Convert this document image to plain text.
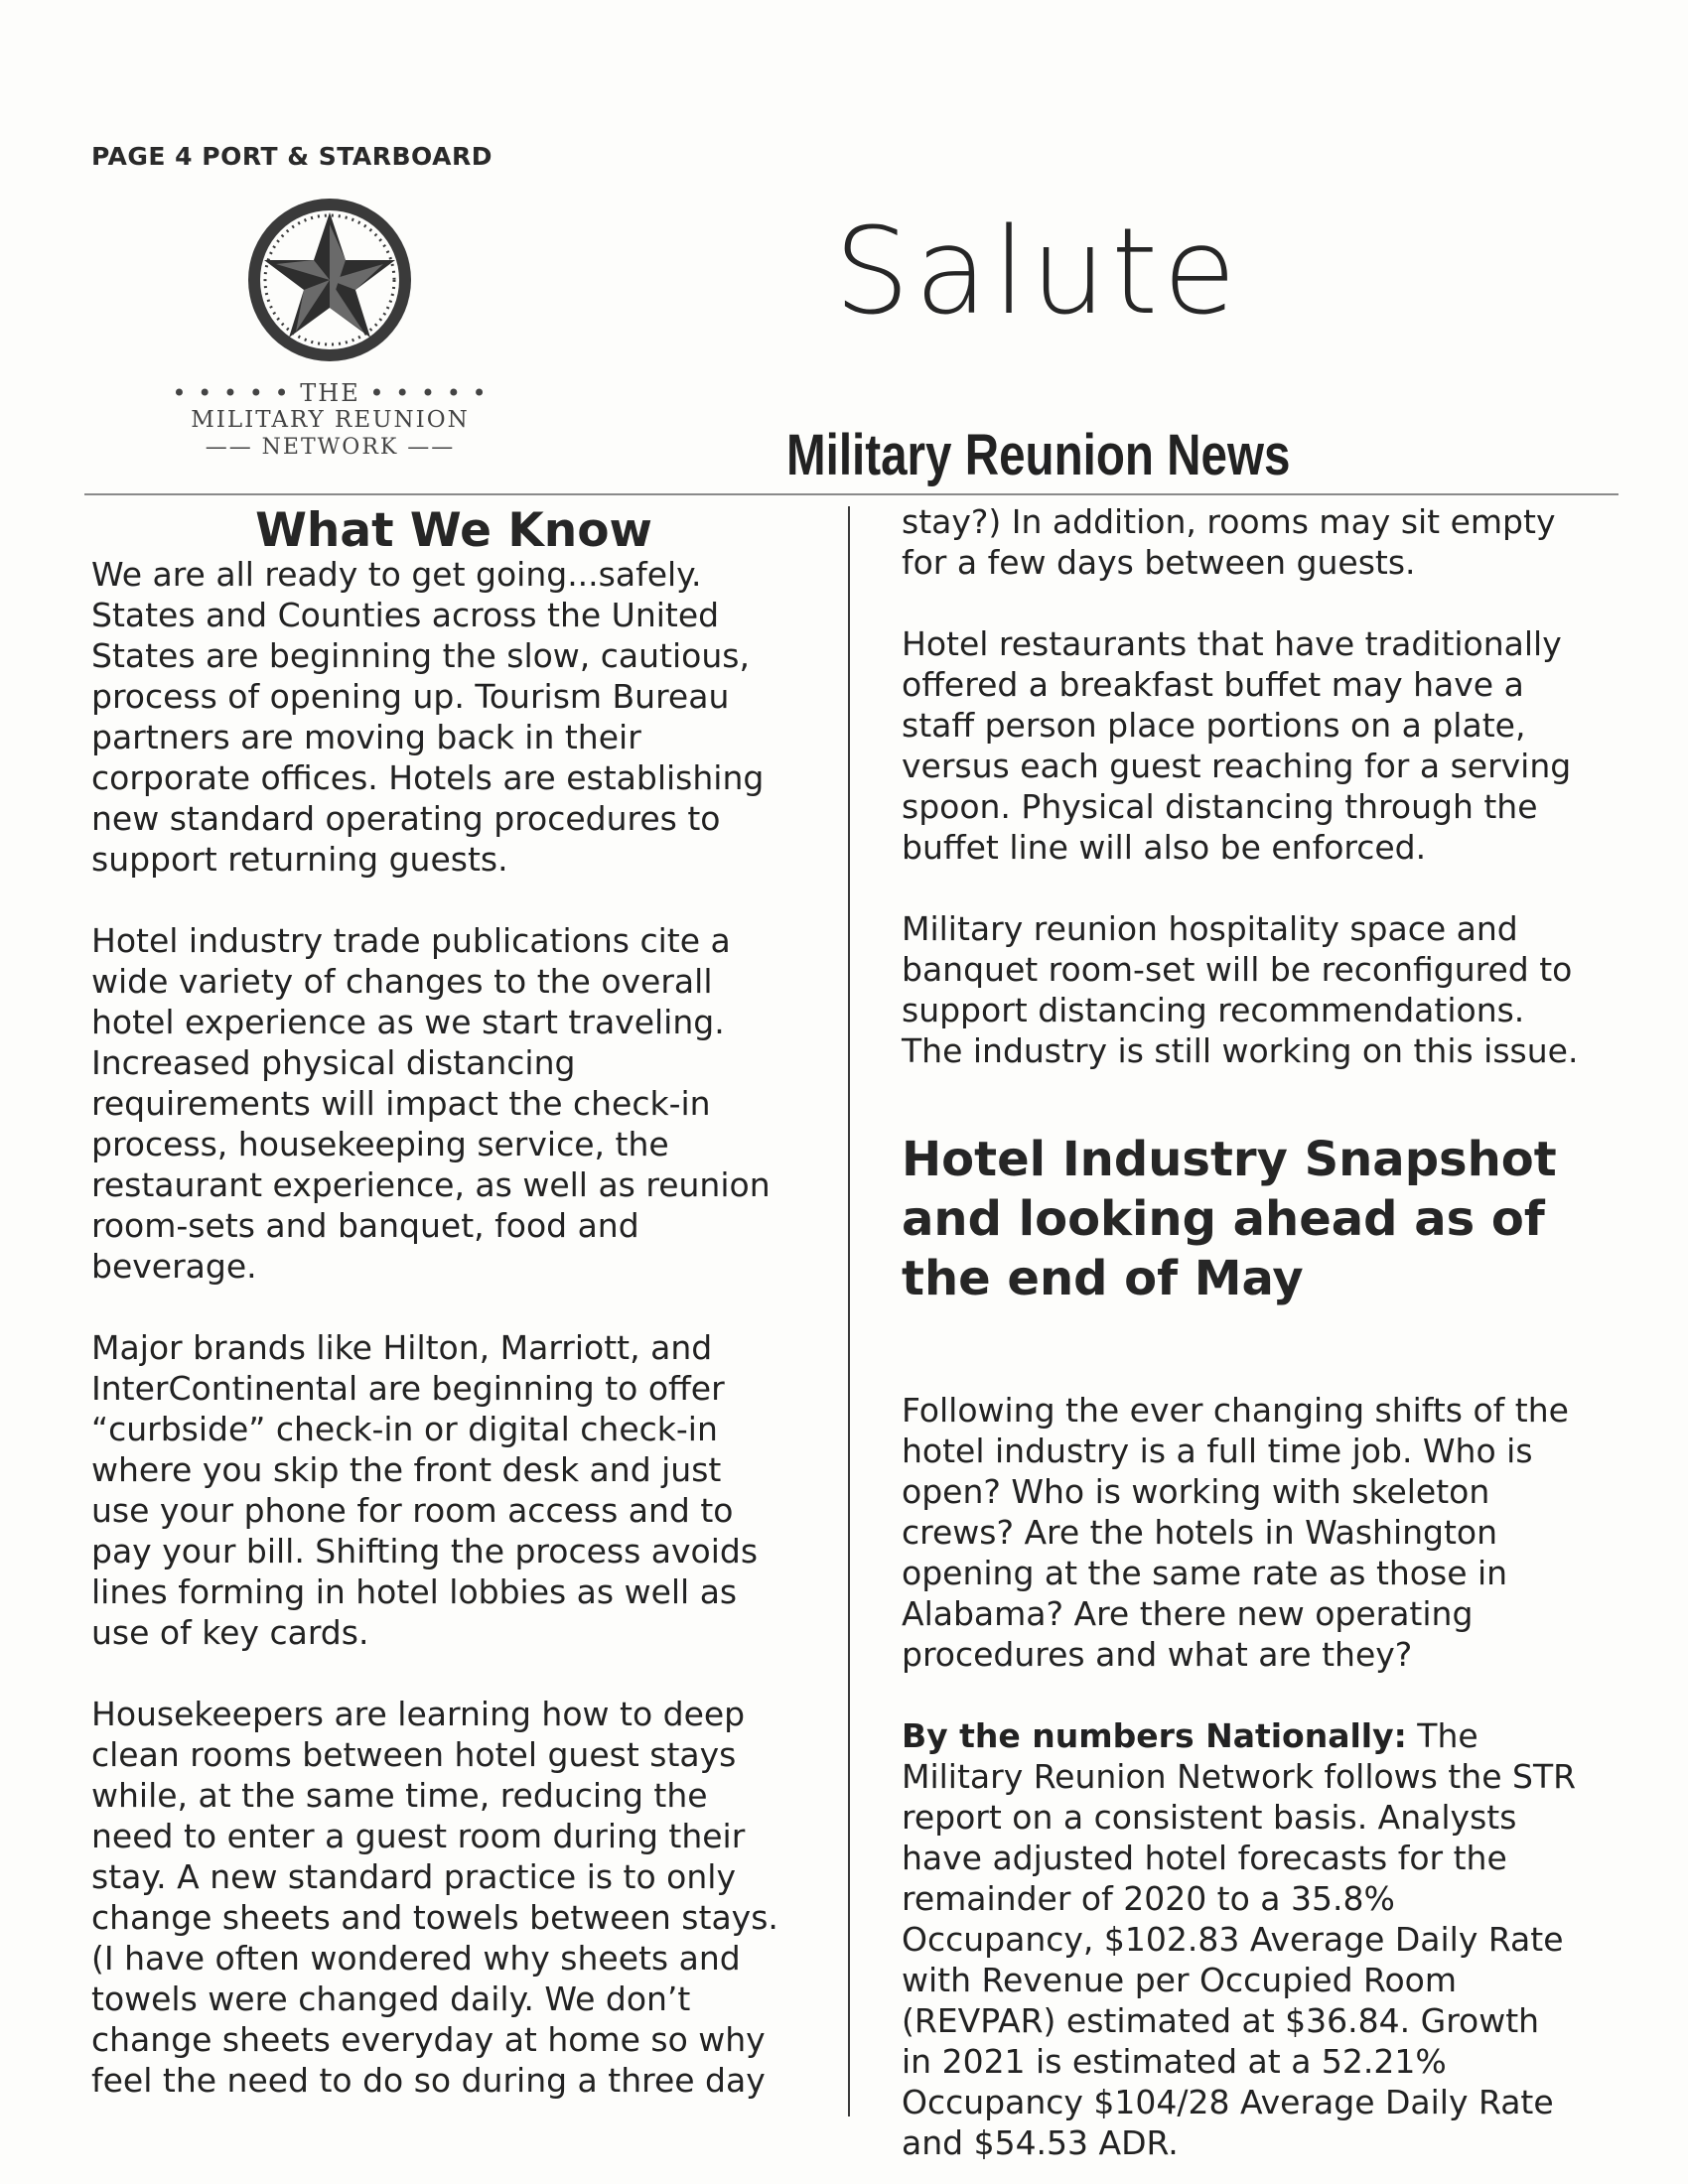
PAGE 4 PORT & STARBOARD
• • • • • THE • • • • •
MILITARY REUNION
—— NETWORK ——
Salute
Military Reunion News
What We Know

We are all ready to get going...safely.
States and Counties across the United
States are beginning the slow, cautious,
process of opening up. Tourism Bureau
partners are moving back in their
corporate offices. Hotels are establishing
new standard operating procedures to
support returning guests.

Hotel industry trade publications cite a
wide variety of changes to the overall
hotel experience as we start traveling.
Increased physical distancing
requirements will impact the check-in
process, housekeeping service, the
restaurant experience, as well as reunion
room-sets and banquet, food and
beverage.

Major brands like Hilton, Marriott, and
InterContinental are beginning to offer
“curbside” check-in or digital check-in
where you skip the front desk and just
use your phone for room access and to
pay your bill. Shifting the process avoids
lines forming in hotel lobbies as well as
use of key cards.

Housekeepers are learning how to deep
clean rooms between hotel guest stays
while, at the same time, reducing the
need to enter a guest room during their
stay. A new standard practice is to only
change sheets and towels between stays.
(I have often wondered why sheets and
towels were changed daily. We don’t
change sheets everyday at home so why
feel the need to do so during a three day

stay?) In addition, rooms may sit empty
for a few days between guests.

Hotel restaurants that have traditionally
offered a breakfast buffet may have a
staff person place portions on a plate,
versus each guest reaching for a serving
spoon. Physical distancing through the
buffet line will also be enforced.

Military reunion hospitality space and
banquet room-set will be reconfigured to
support distancing recommendations.
The industry is still working on this issue.

Hotel Industry Snapshot
and looking ahead as of
the end of May

Following the ever changing shifts of the
hotel industry is a full time job. Who is
open? Who is working with skeleton
crews? Are the hotels in Washington
opening at the same rate as those in
Alabama? Are there new operating
procedures and what are they?

By the numbers Nationally: The
Military Reunion Network follows the STR
report on a consistent basis. Analysts
have adjusted hotel forecasts for the
remainder of 2020 to a 35.8%
Occupancy, $102.83 Average Daily Rate
with Revenue per Occupied Room
(REVPAR) estimated at $36.84. Growth
in 2021 is estimated at a 52.21%
Occupancy $104/28 Average Daily Rate
and $54.53 ADR.
